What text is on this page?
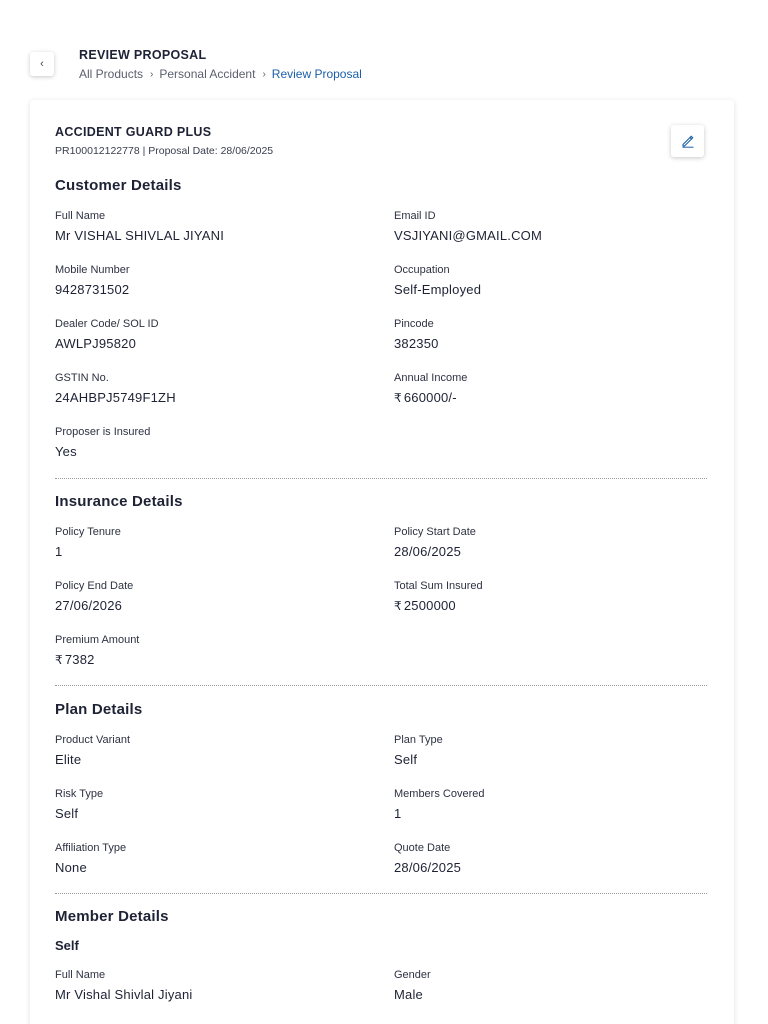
‹
REVIEW PROPOSAL
All Products › Personal Accident › Review Proposal
ACCIDENT GUARD PLUS
PR100012122778 | Proposal Date: 28/06/2025
Customer Details
Full Name
Mr VISHAL SHIVLAL JIYANI
Email ID
VSJIYANI@GMAIL.COM
Mobile Number
9428731502
Occupation
Self-Employed
Dealer Code/ SOL ID
AWLPJ95820
Pincode
382350
GSTIN No.
24AHBPJ5749F1ZH
Annual Income
₹ 660000/-
Proposer is Insured
Yes
Insurance Details
Policy Tenure
1
Policy Start Date
28/06/2025
Policy End Date
27/06/2026
Total Sum Insured
₹ 2500000
Premium Amount
₹ 7382
Plan Details
Product Variant
Elite
Plan Type
Self
Risk Type
Self
Members Covered
1
Affiliation Type
None
Quote Date
28/06/2025
Member Details
Self
Full Name
Mr Vishal Shivlal Jiyani
Gender
Male
